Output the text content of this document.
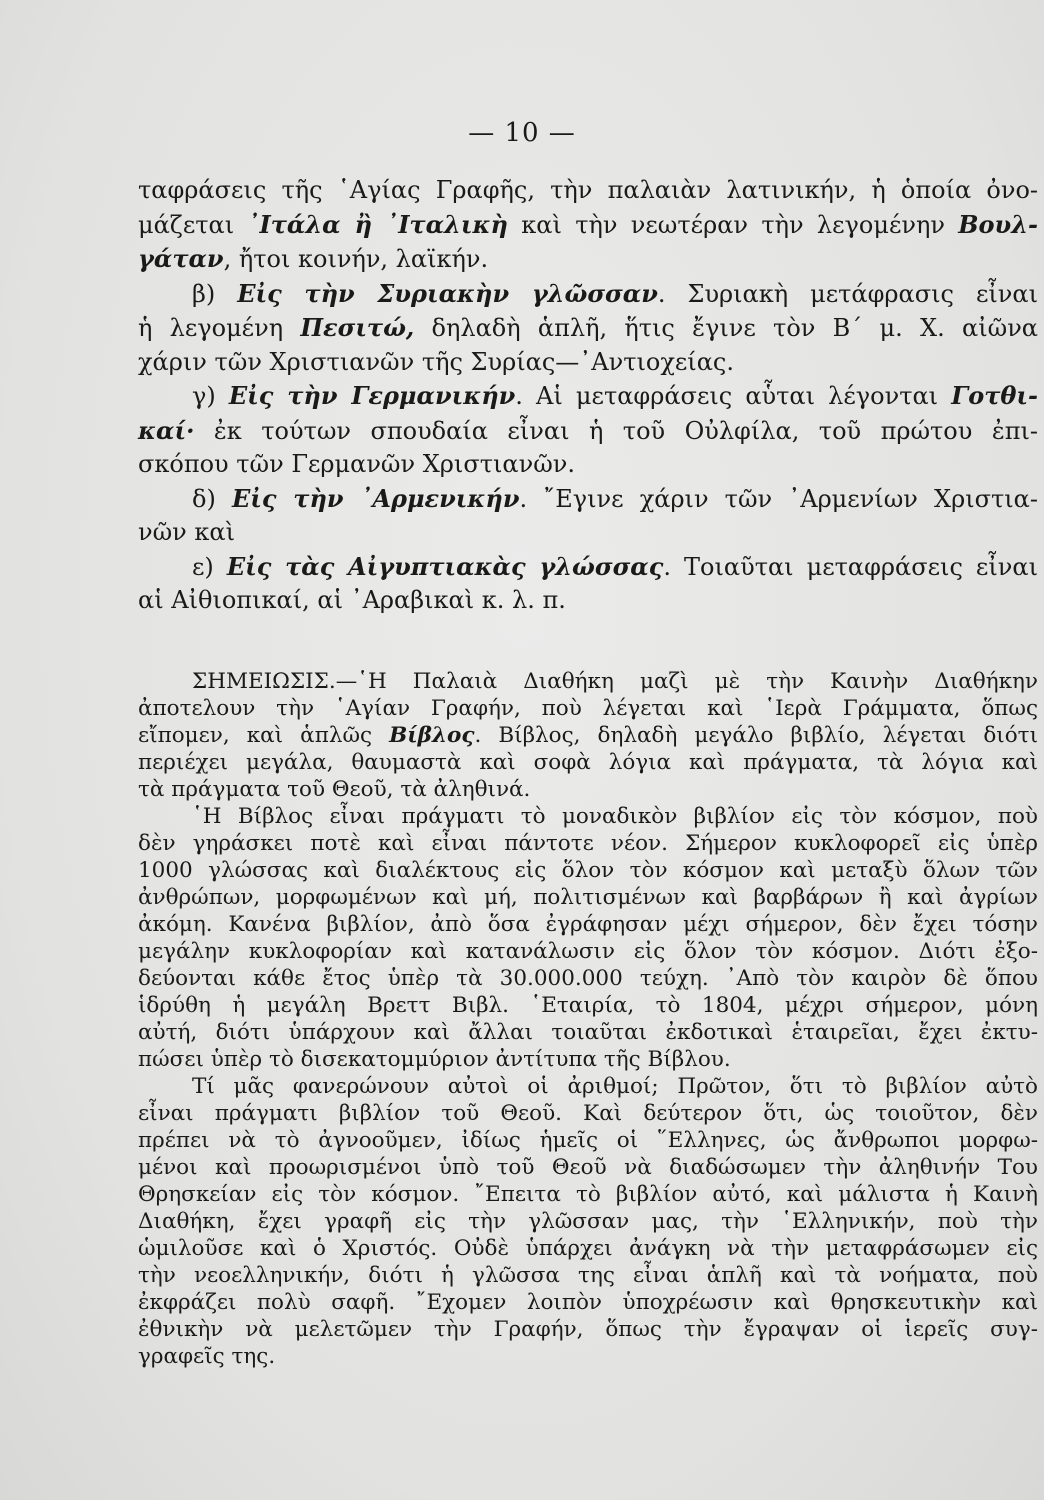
— 10 —
ταφράσεις τῆς ῾Αγίας Γραφῆς, τὴν παλαιὰν λατινικήν, ἡ ὁποία ὀνο-
μάζεται ᾿Ιτάλα ἢ ᾿Ιταλικὴ καὶ τὴν νεωτέραν τὴν λεγομένην Βουλ-
γάταν, ἤτοι κοινήν, λαϊκήν.
β) Εἰς τὴν Συριακὴν γλῶσσαν. Συριακὴ μετάφρασις εἶναι
ἡ λεγομένη Πεσιτώ, δηλαδὴ ἁπλῆ, ἥτις ἔγινε τὸν Β΄ μ. Χ. αἰῶνα
χάριν τῶν Χριστιανῶν τῆς Συρίας—᾿Αντιοχείας.
γ) Εἰς τὴν Γερμανικήν. Αἱ μεταφράσεις αὗται λέγονται Γοτθι-
καί· ἐκ τούτων σπουδαία εἶναι ἡ τοῦ Οὐλφίλα, τοῦ πρώτου ἐπι-
σκόπου τῶν Γερμανῶν Χριστιανῶν.
δ) Εἰς τὴν ᾿Αρμενικήν. ῎Εγινε χάριν τῶν ᾿Αρμενίων Χριστια-
νῶν καὶ
ε) Εἰς τὰς Αἰγυπτιακὰς γλώσσας. Τοιαῦται μεταφράσεις εἶναι
αἱ Αἰθιοπικαί, αἱ ᾿Αραβικαὶ κ. λ. π.
ΣΗΜΕΙΩΣΙΣ.—῾Η Παλαιὰ Διαθήκη μαζὶ μὲ τὴν Καινὴν Διαθήκην
ἀποτελουν τὴν ῾Αγίαν Γραφήν, ποὺ λέγεται καὶ ῾Ιερὰ Γράμματα, ὅπως
εἴπομεν, καὶ ἁπλῶς Βίβλος. Βίβλος, δηλαδὴ μεγάλο βιβλίο, λέγεται διότι
περιέχει μεγάλα, θαυμαστὰ καὶ σοφὰ λόγια καὶ πράγματα, τὰ λόγια καὶ
τὰ πράγματα τοῦ Θεοῦ, τὰ ἀληθινά.
῾Η Βίβλος εἶναι πράγματι τὸ μοναδικὸν βιβλίον εἰς τὸν κόσμον, ποὺ
δὲν γηράσκει ποτὲ καὶ εἶναι πάντοτε νέον. Σήμερον κυκλοφορεῖ εἰς ὑπὲρ
1000 γλώσσας καὶ διαλέκτους εἰς ὅλον τὸν κόσμον καὶ μεταξὺ ὅλων τῶν
ἀνθρώπων, μορφωμένων καὶ μή, πολιτισμένων καὶ βαρβάρων ἢ καὶ ἀγρίων
ἀκόμη. Κανένα βιβλίον, ἀπὸ ὅσα ἐγράφησαν μέχι σήμερον, δὲν ἔχει τόσην
μεγάλην κυκλοφορίαν καὶ κατανάλωσιν εἰς ὅλον τὸν κόσμον. Διότι ἐξο-
δεύονται κάθε ἔτος ὑπὲρ τὰ 30.000.000 τεύχη. ᾿Απὸ τὸν καιρὸν δὲ ὅπου
ἱδρύθη ἡ μεγάλη Βρεττ Βιβλ. ῾Εταιρία, τὸ 1804, μέχρι σήμερον, μόνη
αὐτή, διότι ὑπάρχουν καὶ ἄλλαι τοιαῦται ἐκδοτικαὶ ἑταιρεῖαι, ἔχει ἐκτυ-
πώσει ὑπὲρ τὸ δισεκατομμύριον ἀντίτυπα τῆς Βίβλου.
Τί μᾶς φανερώνουν αὐτοὶ οἱ ἀριθμοί; Πρῶτον, ὅτι τὸ βιβλίον αὐτὸ
εἶναι πράγματι βιβλίον τοῦ Θεοῦ. Καὶ δεύτερον ὅτι, ὡς τοιοῦτον, δὲν
πρέπει νὰ τὸ ἀγνοοῦμεν, ἰδίως ἡμεῖς οἱ ῞Ελληνες, ὡς ἄνθρωποι μορφω-
μένοι καὶ προωρισμένοι ὑπὸ τοῦ Θεοῦ νὰ διαδώσωμεν τὴν ἀληθινήν Του
Θρησκείαν εἰς τὸν κόσμον. ῎Επειτα τὸ βιβλίον αὐτό, καὶ μάλιστα ἡ Καινὴ
Διαθήκη, ἔχει γραφῆ εἰς τὴν γλῶσσαν μας, τὴν ῾Ελληνικήν, ποὺ τὴν
ὡμιλοῦσε καὶ ὁ Χριστός. Οὐδὲ ὑπάρχει ἀνάγκη νὰ τὴν μεταφράσωμεν εἰς
τὴν νεοελληνικήν, διότι ἡ γλῶσσα της εἶναι ἁπλῆ καὶ τὰ νοήματα, ποὺ
ἐκφράζει πολὺ σαφῆ. ῎Εχομεν λοιπὸν ὑποχρέωσιν καὶ θρησκευτικὴν καὶ
ἐθνικὴν νὰ μελετῶμεν τὴν Γραφήν, ὅπως τὴν ἔγραψαν οἱ ἱερεῖς συγ-
γραφεῖς της.
